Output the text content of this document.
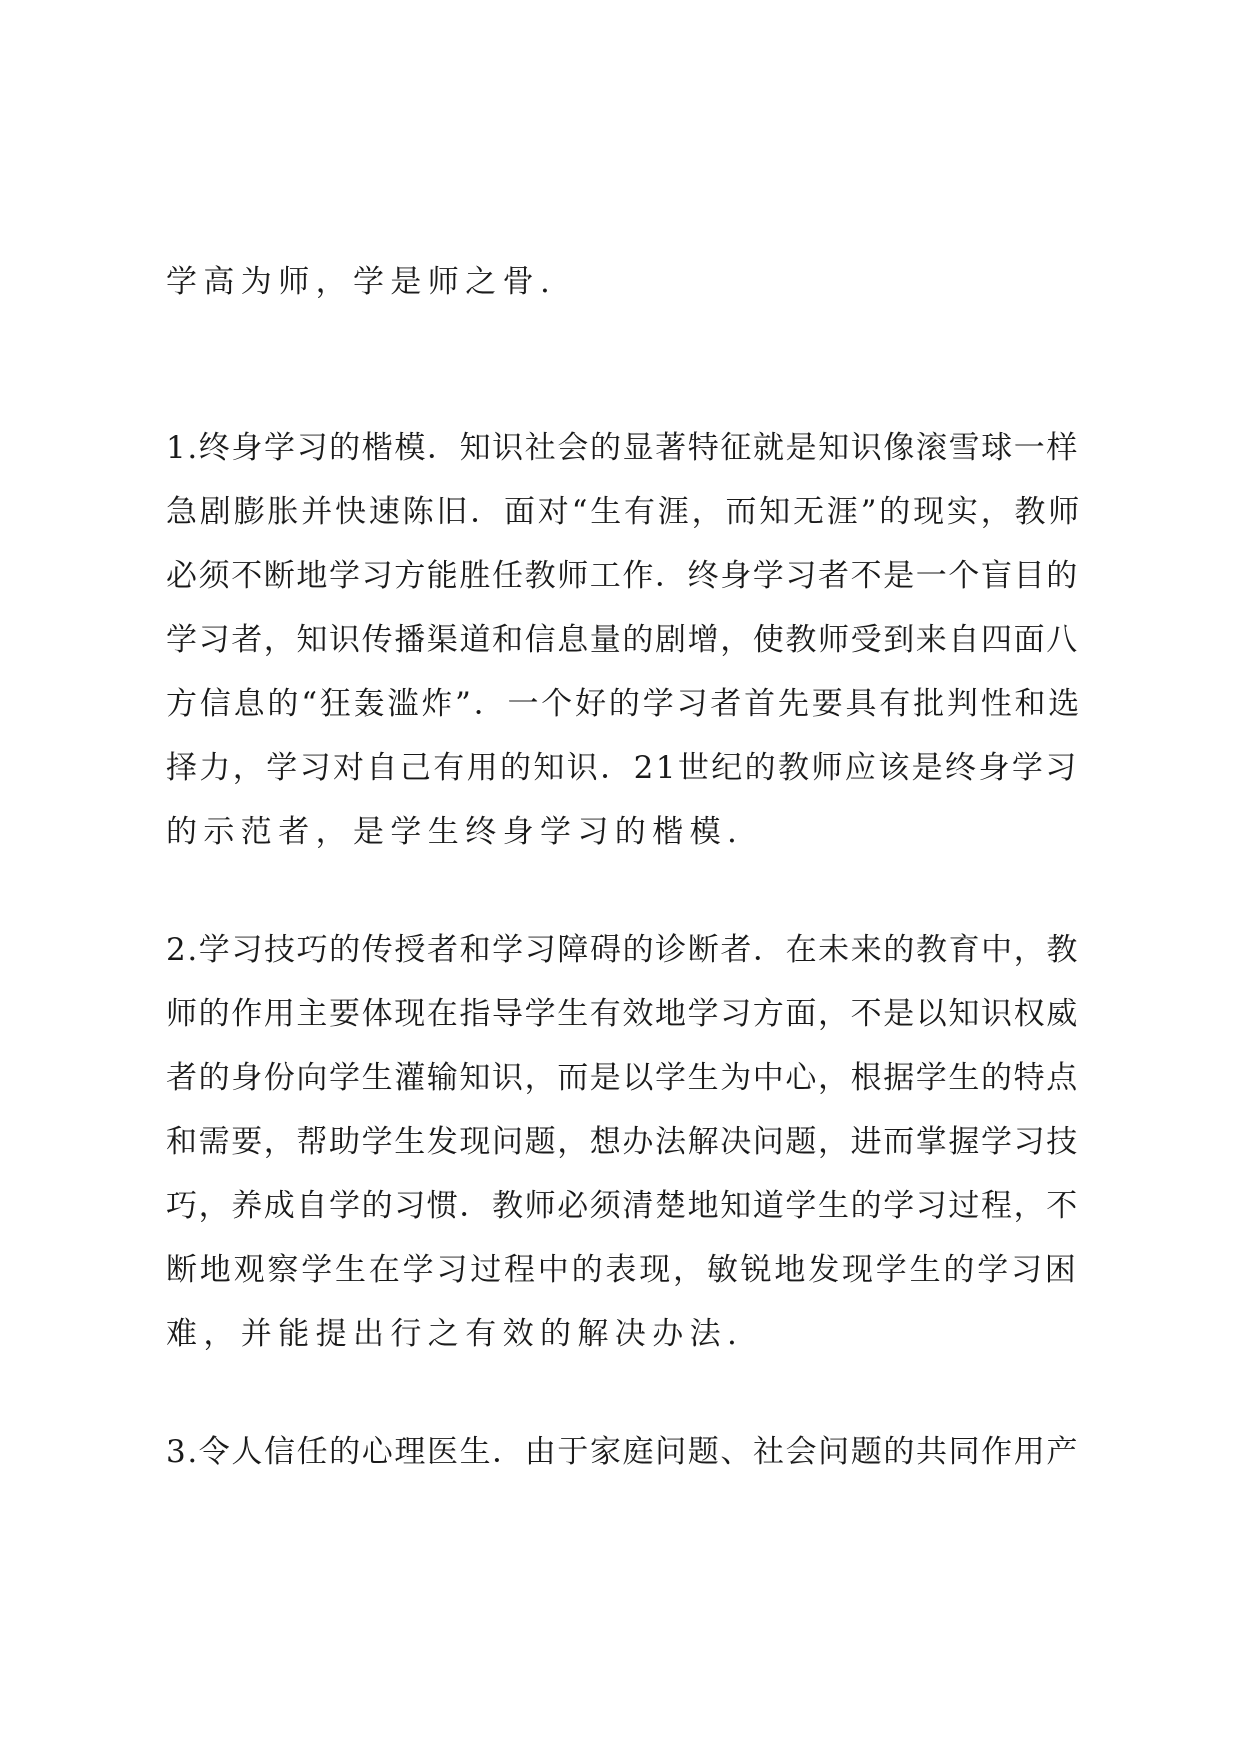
学高为师，学是师之骨.

1.终身学习的楷模．知识社会的显著特征就是知识像滚雪球一样

急剧膨胀并快速陈旧．面对“生有涯，而知无涯”的现实，教师

必须不断地学习方能胜任教师工作．终身学习者不是一个盲目的

学习者，知识传播渠道和信息量的剧增，使教师受到来自四面八

方信息的“狂轰滥炸”．一个好的学习者首先要具有批判性和选

择力，学习对自己有用的知识．21世纪的教师应该是终身学习

的示范者，是学生终身学习的楷模.

2.学习技巧的传授者和学习障碍的诊断者．在未来的教育中，教

师的作用主要体现在指导学生有效地学习方面，不是以知识权威

者的身份向学生灌输知识，而是以学生为中心，根据学生的特点

和需要，帮助学生发现问题，想办法解决问题，进而掌握学习技

巧，养成自学的习惯．教师必须清楚地知道学生的学习过程，不

断地观察学生在学习过程中的表现，敏锐地发现学生的学习困

难，并能提出行之有效的解决办法.

3.令人信任的心理医生．由于家庭问题、社会问题的共同作用产
